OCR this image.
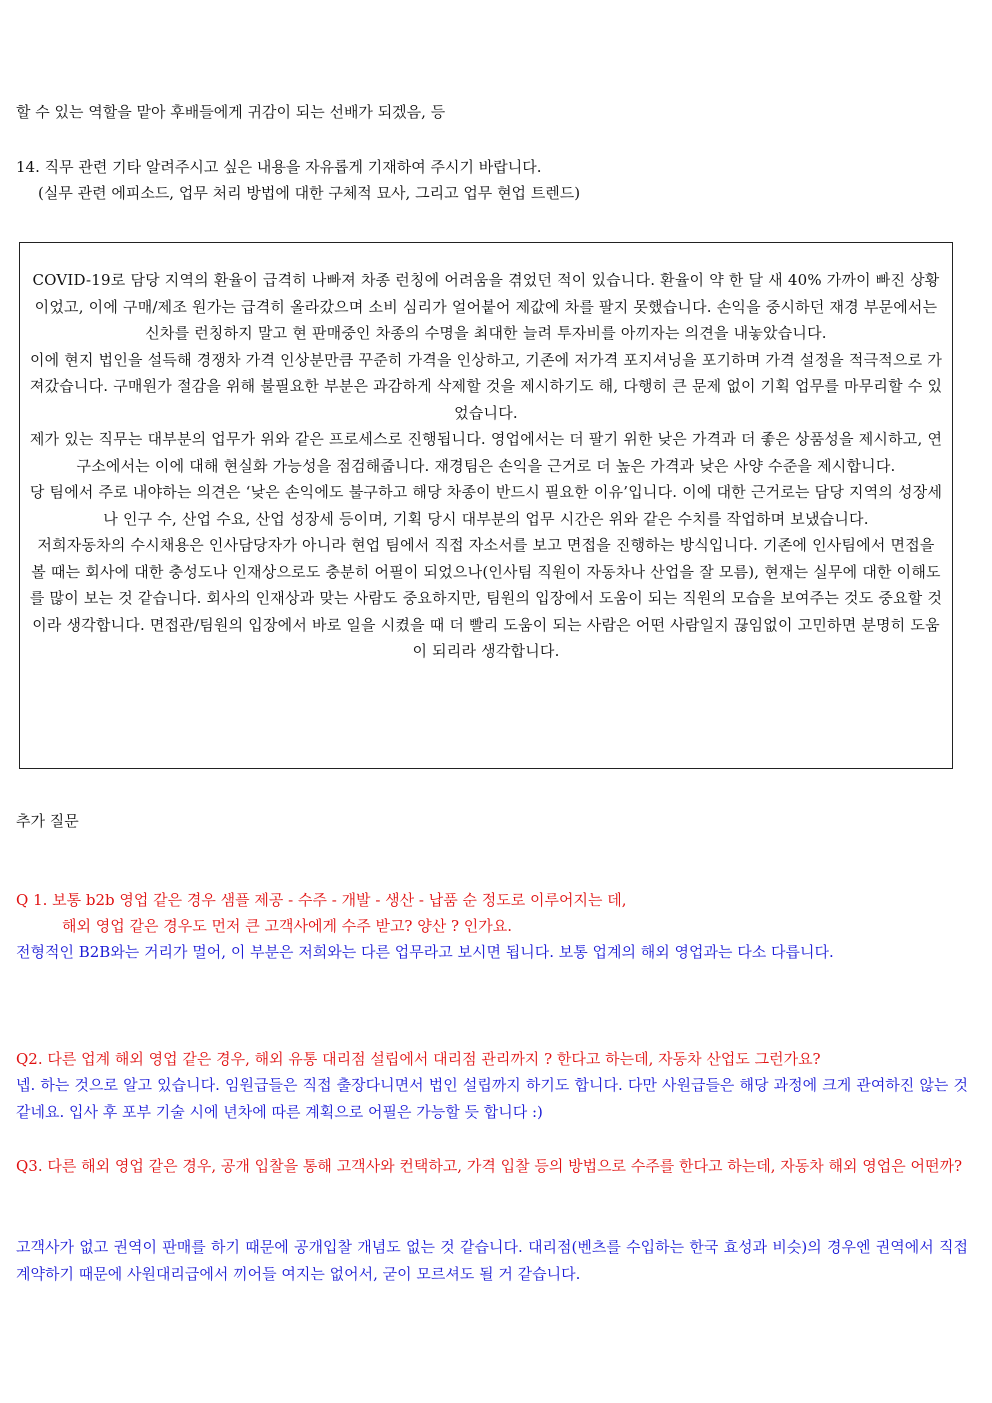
할 수 있는 역할을 맡아 후배들에게 귀감이 되는 선배가 되겠음, 등
14. 직무 관련 기타 알려주시고 싶은 내용을 자유롭게 기재하여 주시기 바랍니다.
(실무 관련 에피소드, 업무 처리 방법에 대한 구체적 묘사, 그리고 업무 현업 트렌드)

COVID-19로 담당 지역의 환율이 급격히 나빠져 차종 런칭에 어려움을 겪었던 적이 있습니다. 환율이 약 한 달 새 40% 가까이 빠진 상황이었고, 이에 구매/제조 원가는 급격히 올라갔으며 소비 심리가 얼어붙어 제값에 차를 팔지 못했습니다. 손익을 중시하던 재경 부문에서는 신차를 런칭하지 말고 현 판매중인 차종의 수명을 최대한 늘려 투자비를 아끼자는 의견을 내놓았습니다.

이에 현지 법인을 설득해 경쟁차 가격 인상분만큼 꾸준히 가격을 인상하고, 기존에 저가격 포지셔닝을 포기하며 가격 설정을 적극적으로 가져갔습니다. 구매원가 절감을 위해 불필요한 부분은 과감하게 삭제할 것을 제시하기도 해, 다행히 큰 문제 없이 기획 업무를 마무리할 수 있었습니다.

제가 있는 직무는 대부분의 업무가 위와 같은 프로세스로 진행됩니다. 영업에서는 더 팔기 위한 낮은 가격과 더 좋은 상품성을 제시하고, 연구소에서는 이에 대해 현실화 가능성을 점검해줍니다. 재경팀은 손익을 근거로 더 높은 가격과 낮은 사양 수준을 제시합니다.

당 팀에서 주로 내야하는 의견은 ‘낮은 손익에도 불구하고 해당 차종이 반드시 필요한 이유’입니다. 이에 대한 근거로는 담당 지역의 성장세나 인구 수, 산업 수요, 산업 성장세 등이며, 기획 당시 대부분의 업무 시간은 위와 같은 수치를 작업하며 보냈습니다.

저희자동차의 수시채용은 인사담당자가 아니라 현업 팀에서 직접 자소서를 보고 면접을 진행하는 방식입니다. 기존에 인사팀에서 면접을 볼 때는 회사에 대한 충성도나 인재상으로도 충분히 어필이 되었으나(인사팀 직원이 자동차나 산업을 잘 모름), 현재는 실무에 대한 이해도를 많이 보는 것 같습니다. 회사의 인재상과 맞는 사람도 중요하지만, 팀원의 입장에서 도움이 되는 직원의 모습을 보여주는 것도 중요할 것이라 생각합니다. 면접관/팀원의 입장에서 바로 일을 시켰을 때 더 빨리 도움이 되는 사람은 어떤 사람일지 끊임없이 고민하면 분명히 도움이 되리라 생각합니다.

추가 질문
Q 1. 보통 b2b 영업 같은 경우 샘플 제공 - 수주 - 개발 - 생산 - 납품 순 정도로 이루어지는 데,
해외 영업 같은 경우도 먼저 큰 고객사에게 수주 받고? 양산 ? 인가요.
전형적인 B2B와는 거리가 멀어, 이 부분은 저희와는 다른 업무라고 보시면 됩니다. 보통 업계의 해외 영업과는 다소 다릅니다.
Q2. 다른 업계 해외 영업 같은 경우, 해외 유통 대리점 설립에서 대리점 관리까지 ? 한다고 하는데, 자동차 산업도 그런가요?
넵. 하는 것으로 알고 있습니다. 임원급들은 직접 출장다니면서 법인 설립까지 하기도 합니다. 다만 사원급들은 해당 과정에 크게 관여하진 않는 것 같네요. 입사 후 포부 기술 시에 년차에 따른 계획으로 어필은 가능할 듯 합니다 :)
Q3. 다른 해외 영업 같은 경우, 공개 입찰을 통해 고객사와 컨택하고, 가격 입찰 등의 방법으로 수주를 한다고 하는데, 자동차 해외 영업은 어떤까?
고객사가 없고 권역이 판매를 하기 때문에 공개입찰 개념도 없는 것 같습니다. 대리점(벤츠를 수입하는 한국 효성과 비슷)의 경우엔 권역에서 직접 계약하기 때문에 사원대리급에서 끼어들 여지는 없어서, 굳이 모르셔도 될 거 같습니다.
